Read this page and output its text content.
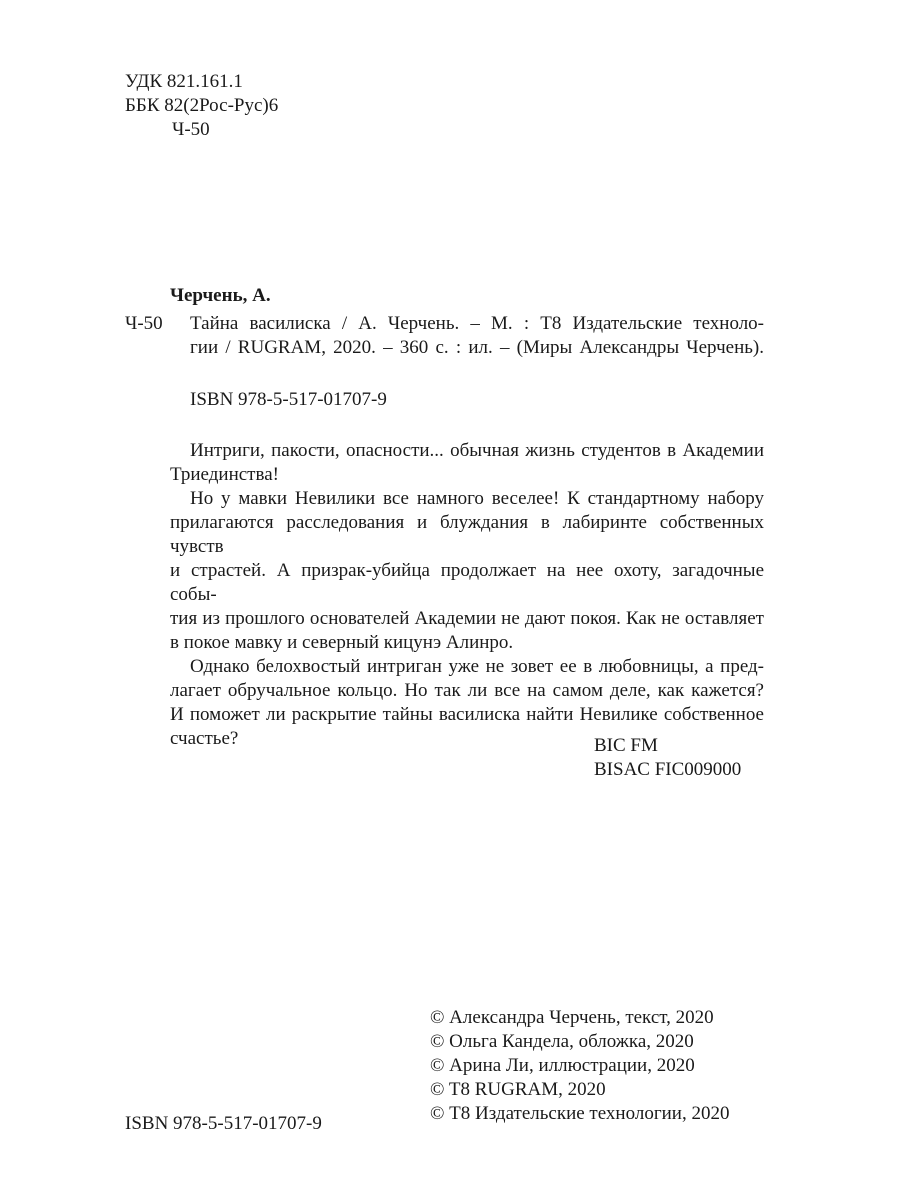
УДК 821.161.1
ББК 82(2Рос-Рус)6
Ч-50
Черчень, А.
Ч-50 Тайна василиска / А. Черчень. – М. : Т8 Издательские техноло-
гии / RUGRAM, 2020. – 360 с. : ил. – (Миры Александры Черчень).
ISBN 978-5-517-01707-9
Интриги, пакости, опасности... обычная жизнь студентов в Академии
Триединства!
Но у мавки Невилики все намного веселее! К стандартному набору
прилагаются расследования и блуждания в лабиринте собственных чувств
и страстей. А призрак-убийца продолжает на нее охоту, загадочные собы-
тия из прошлого основателей Академии не дают покоя. Как не оставляет
в покое мавку и северный кицунэ Алинро.
Однако белохвостый интриган уже не зовет ее в любовницы, а пред-
лагает обручальное кольцо. Но так ли все на самом деле, как кажется?
И поможет ли раскрытие тайны василиска найти Невилике собственное
счастье?	BIC FM
BISAC FIC009000
© Александра Черчень, текст, 2020
© Ольга Кандела, обложка, 2020
© Арина Ли, иллюстрации, 2020
© T8 RUGRAM, 2020
© Т8 Издательские технологии, 2020
ISBN 978-5-517-01707-9
